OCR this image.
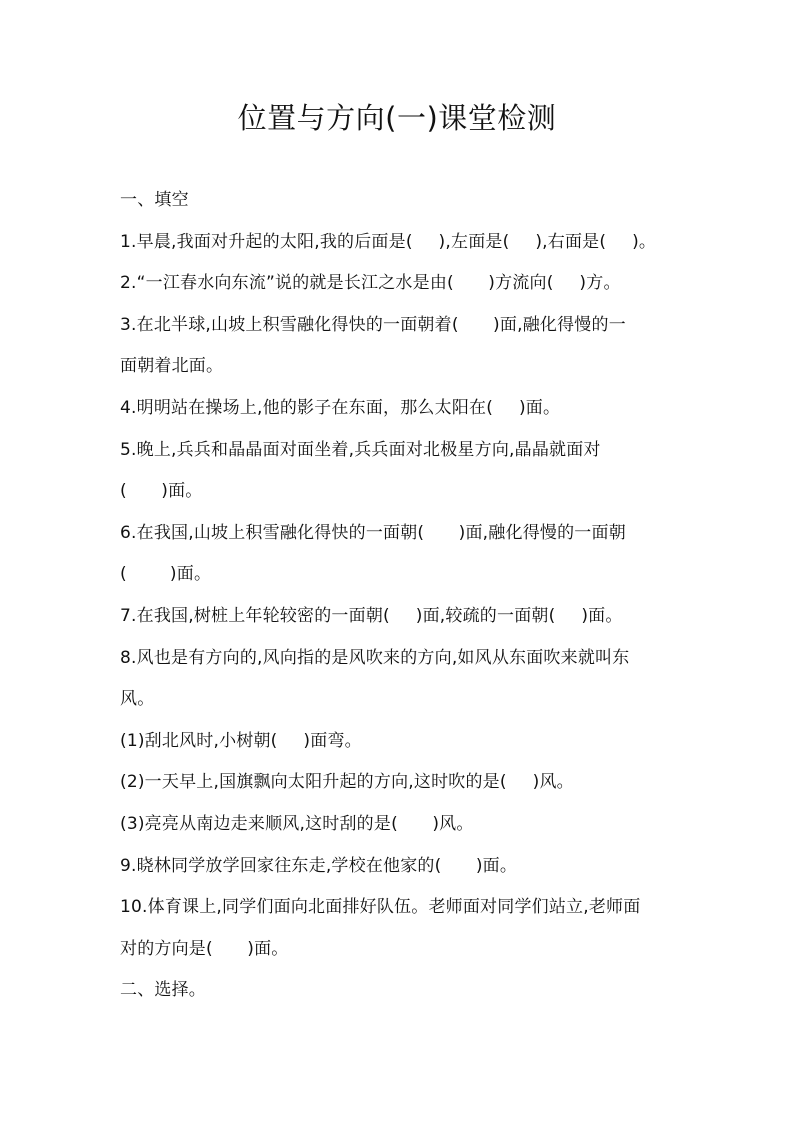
位置与方向(一)课堂检测
一、填空
1.早晨,我面对升起的太阳,我的后面是(  ),左面是(  ),右面是(  )。
2.“一江春水向东流”说的就是长江之水是由(  )方流向(  )方。
3.在北半球,山坡上积雪融化得快的一面朝着(  )面,融化得慢的一
面朝着北面。
4.明明站在操场上,他的影子在东面，那么太阳在(  )面。
5.晚上,兵兵和晶晶面对面坐着,兵兵面对北极星方向,晶晶就面对
(  )面。
6.在我国,山坡上积雪融化得快的一面朝(  )面,融化得慢的一面朝
(   )面。
7.在我国,树桩上年轮较密的一面朝(  )面,较疏的一面朝(  )面。
8.风也是有方向的,风向指的是风吹来的方向,如风从东面吹来就叫东
风。
(1)刮北风时,小树朝(  )面弯。
(2)一天早上,国旗飘向太阳升起的方向,这时吹的是(  )风。
(3)亮亮从南边走来顺风,这时刮的是(  )风。
9.晓林同学放学回家往东走,学校在他家的(  )面。
10.体育课上,同学们面向北面排好队伍。老师面对同学们站立,老师面
对的方向是(  )面。
二、选择。
